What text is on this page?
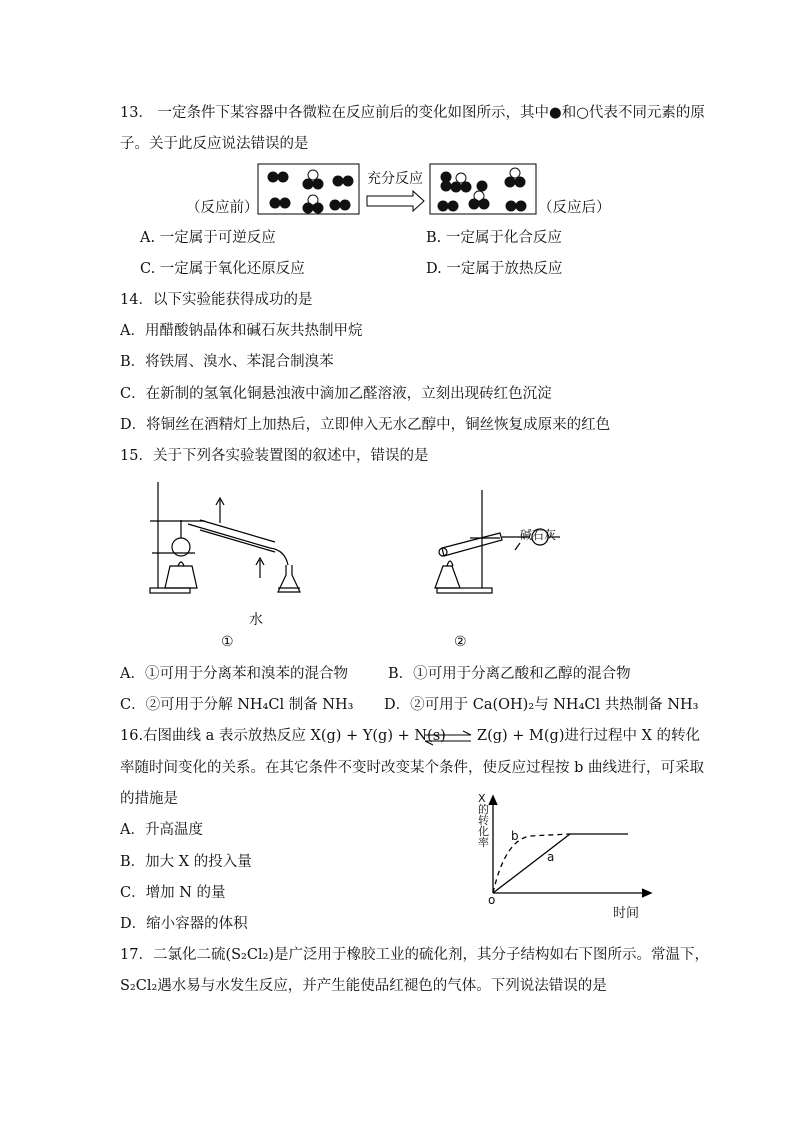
13． 一定条件下某容器中各微粒在反应前后的变化如图所示，其中●和○代表不同元素的原
子。关于此反应说法错误的是
（反应前）	（反应后）
充分反应
A. 一定属于可逆反应	B. 一定属于化合反应
C. 一定属于氧化还原反应	D. 一定属于放热反应
14．以下实验能获得成功的是
A．用醋酸钠晶体和碱石灰共热制甲烷
B．将铁屑、溴水、苯混合制溴苯
C．在新制的氢氧化铜悬浊液中滴加乙醛溶液，立刻出现砖红色沉淀
D．将铜丝在酒精灯上加热后，立即伸入无水乙醇中，铜丝恢复成原来的红色
15．关于下列各实验装置图的叙述中，错误的是
水
碱石灰
①	②
A．①可用于分离苯和溴苯的混合物	B．①可用于分离乙酸和乙醇的混合物
C．②可用于分解 NH₄Cl 制备 NH₃ D．②可用于 Ca(OH)₂与 NH₄Cl 共热制备 NH₃
16.右图曲线 a 表示放热反应 X(g) + Y(g) + N(s) ⇌ Z(g) + M(g)进行过程中 X 的转化
率随时间变化的关系。在其它条件不变时改变某个条件，使反应过程按 b 曲线进行，可采取
的措施是
A．升高温度
B．加大 X 的投入量
C．增加 N 的量
D．缩小容器的体积
X
的
转
化
率
o
时间
a
b
17．二氯化二硫(S₂Cl₂)是广泛用于橡胶工业的硫化剂，其分子结构如右下图所示。常温下，
S₂Cl₂遇水易与水发生反应，并产生能使品红褪色的气体。下列说法错误的是
